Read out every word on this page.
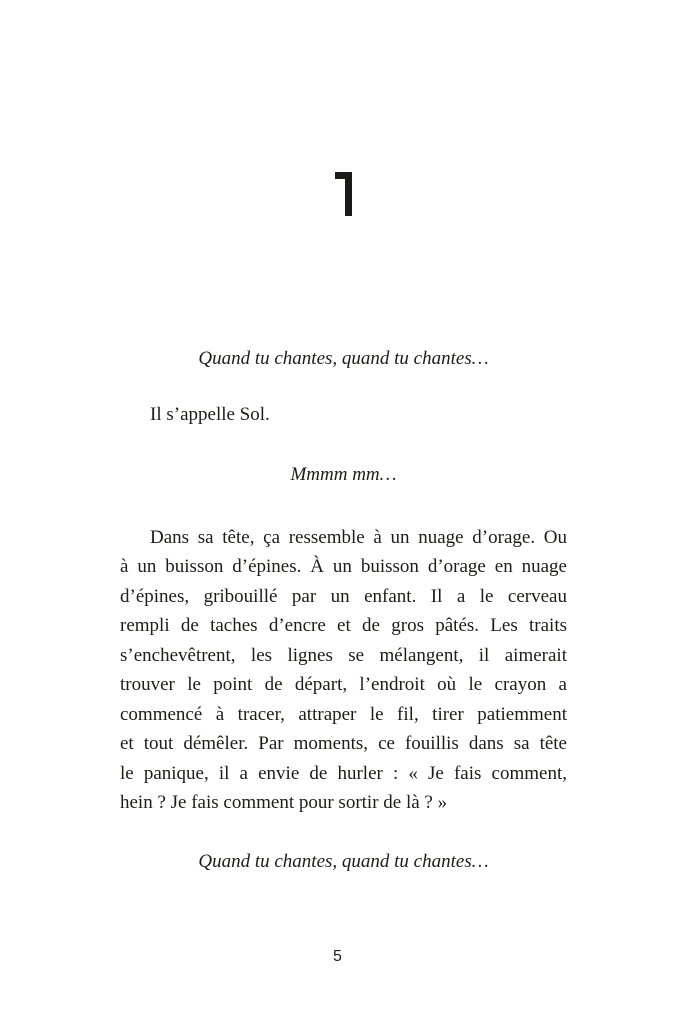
Quand tu chantes, quand tu chantes…
Il s’appelle Sol.
Mmmm mm…
Dans sa tête, ça ressemble à un nuage d’orage. Ou
à un buisson d’épines. À un buisson d’orage en nuage
d’épines, gribouillé par un enfant. Il a le cerveau
rempli de taches d’encre et de gros pâtés. Les traits
s’enchevêtrent, les lignes se mélangent, il aimerait
trouver le point de départ, l’endroit où le crayon a
commencé à tracer, attraper le fil, tirer patiemment
et tout démêler. Par moments, ce fouillis dans sa tête
le panique, il a envie de hurler : « Je fais comment,
hein ? Je fais comment pour sortir de là ? »
Quand tu chantes, quand tu chantes…
5
